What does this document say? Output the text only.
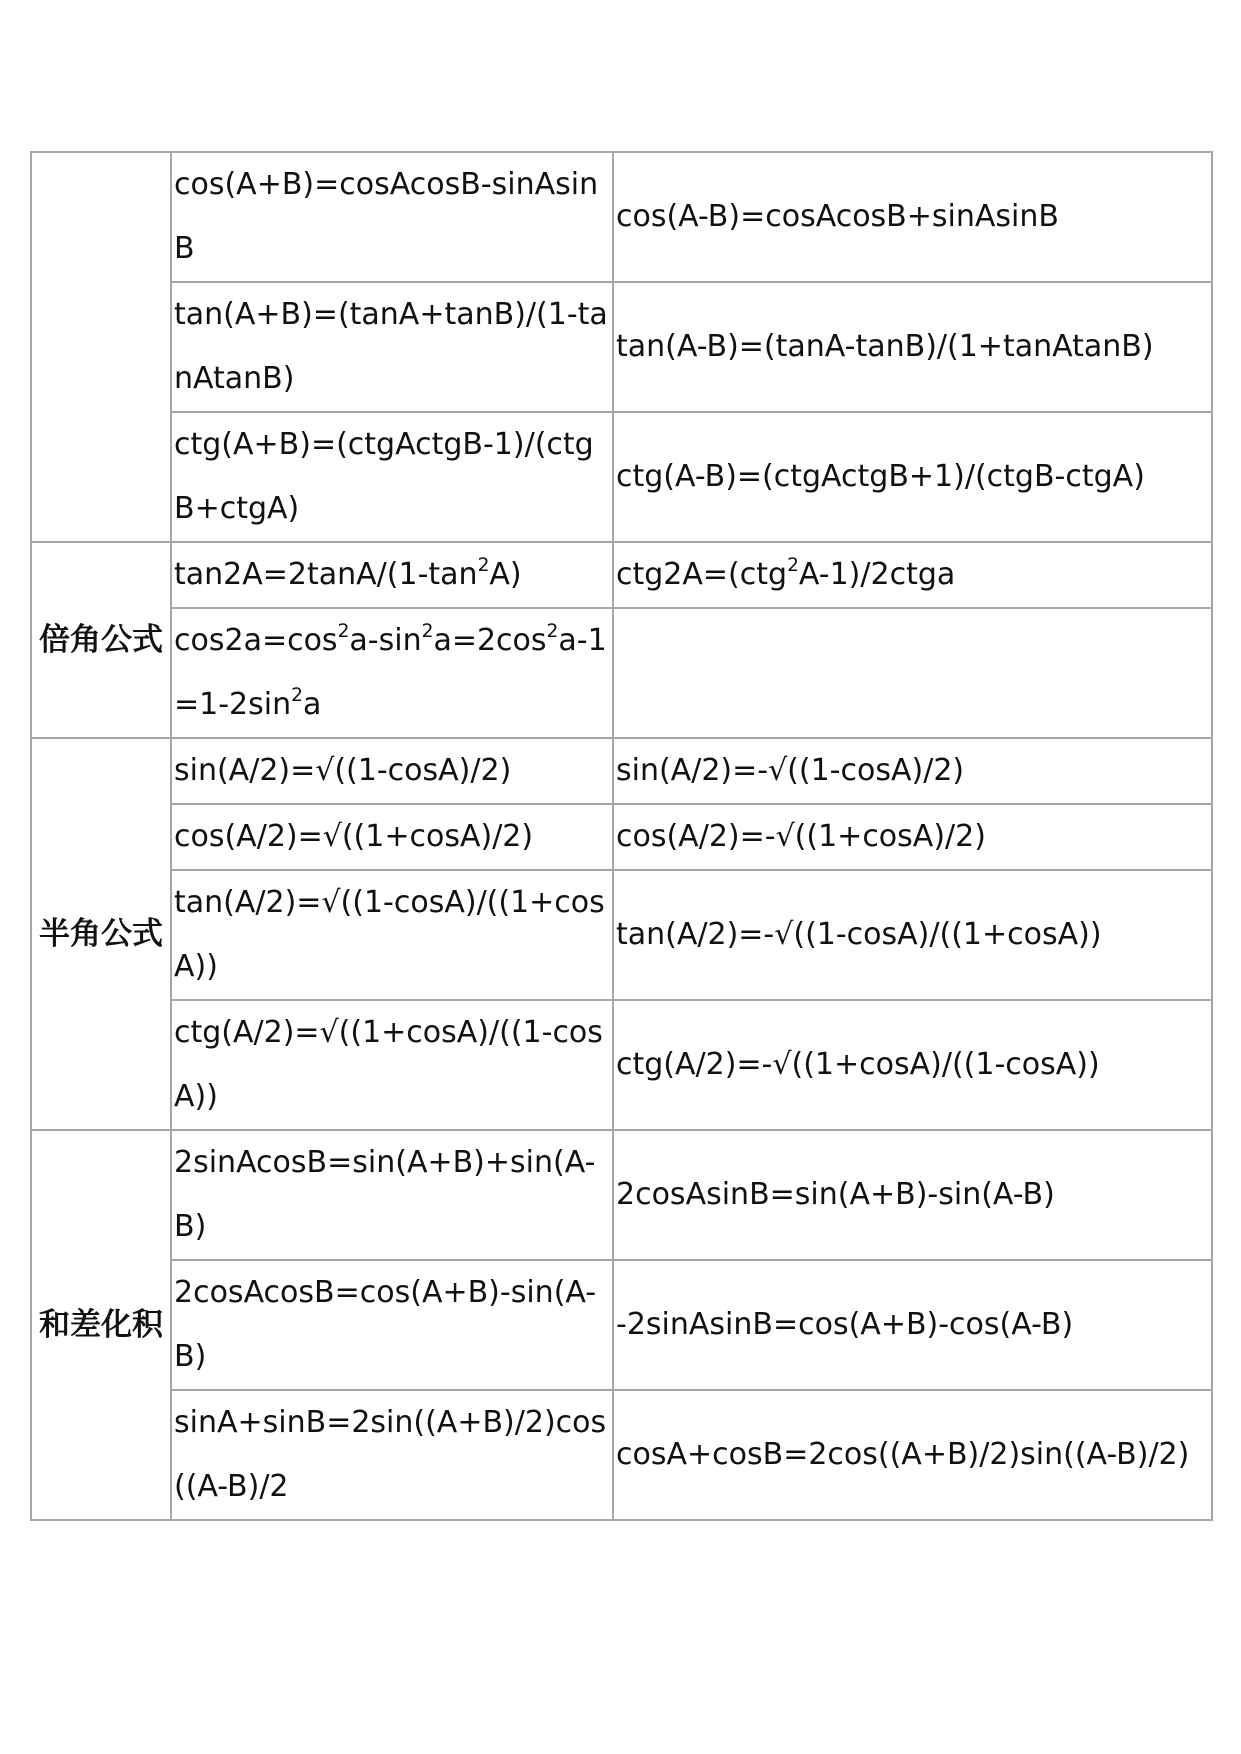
	cos(A+B)=cosAcosB-sinAsinB	cos(A-B)=cosAcosB+sinAsinB
	tan(A+B)=(tanA+tanB)/(1-tanAtanB)	tan(A-B)=(tanA-tanB)/(1+tanAtanB)
	ctg(A+B)=(ctgActgB-1)/(ctgB+ctgA)	ctg(A-B)=(ctgActgB+1)/(ctgB-ctgA)
倍角公式	$\tan 2A=2\tan A/(1-\tan^2A)$	ctg2A=(ctg$^2$A-1)/2ctga
	$\cos 2a=\cos^2a-\sin^2a=2\cos^2a-1=1-2\sin^2a$	
半角公式	sin(A/2)=√((1-cosA)/2)	sin(A/2)=-√((1-cosA)/2)
	cos(A/2)=√((1+cosA)/2)	cos(A/2)=-√((1+cosA)/2)
	tan(A/2)=√((1-cosA)/((1+cosA))	tan(A/2)=-√((1-cosA)/((1+cosA))
	ctg(A/2)=√((1+cosA)/((1-cosA))	ctg(A/2)=-√((1+cosA)/((1-cosA))
和差化积	2sinAcosB=sin(A+B)+sin(A-B)	2cosAsinB=sin(A+B)-sin(A-B)
	2cosAcosB=cos(A+B)-sin(A-B)	-2sinAsinB=cos(A+B)-cos(A-B)
	sinA+sinB=2sin((A+B)/2)cos((A-B)/2	cosA+cosB=2cos((A+B)/2)sin((A-B)/2)
